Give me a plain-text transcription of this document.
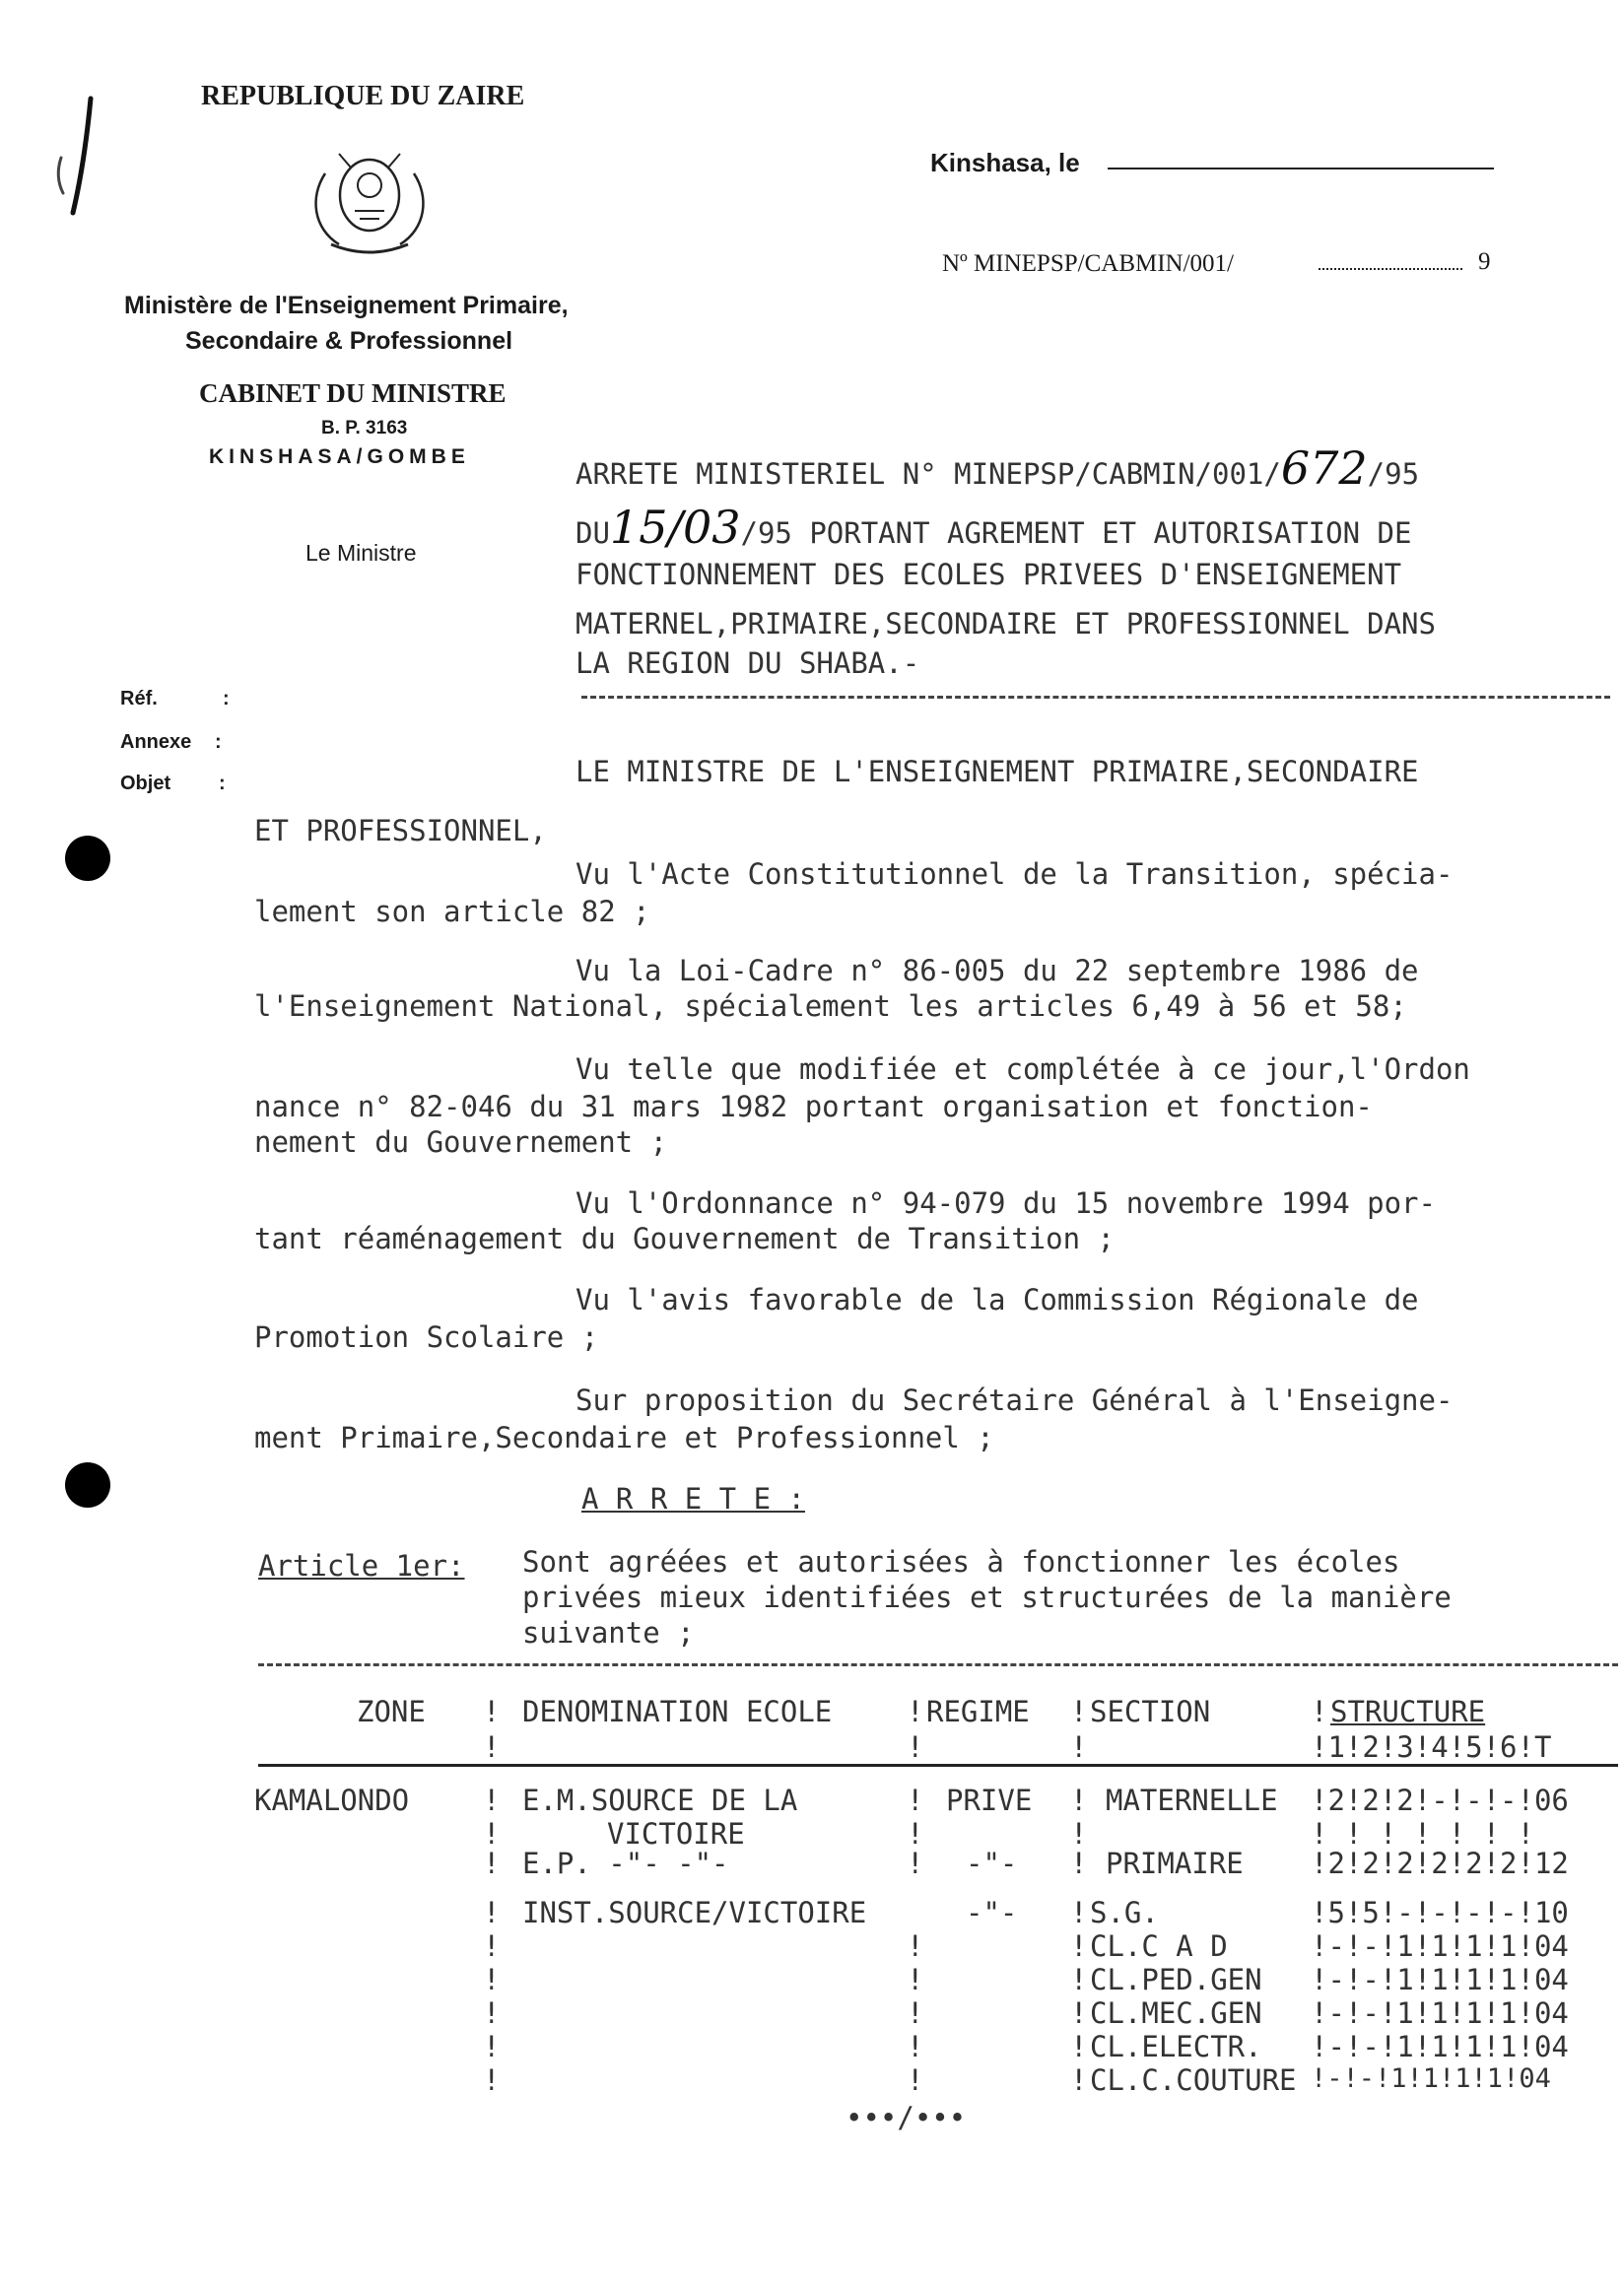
REPUBLIQUE DU ZAIRE
Ministère de l'Enseignement Primaire,
Secondaire & Professionnel
CABINET DU MINISTRE
B. P. 3163
KINSHASA/GOMBE
Le Ministre
Kinshasa, le
Nº MINEPSP/CABMIN/001/	9
Réf.	:
Annexe :
Objet :
ARRETE MINISTERIEL N° MINEPSP/CABMIN/001/672/95
DU15/03/95 PORTANT AGREMENT ET AUTORISATION DE
FONCTIONNEMENT DES ECOLES PRIVEES D'ENSEIGNEMENT
MATERNEL,PRIMAIRE,SECONDAIRE ET PROFESSIONNEL DANS
LA REGION DU SHABA.-
LE MINISTRE DE L'ENSEIGNEMENT PRIMAIRE,SECONDAIRE
ET PROFESSIONNEL,
Vu l'Acte Constitutionnel de la Transition, spécia-
lement son article 82 ;
Vu la Loi-Cadre n° 86-005 du 22 septembre 1986 de
l'Enseignement National, spécialement les articles 6,49 à 56 et 58;
Vu telle que modifiée et complétée à ce jour,l'Ordon
nance n° 82-046 du 31 mars 1982 portant organisation et fonction-
nement du Gouvernement ;
Vu l'Ordonnance n° 94-079 du 15 novembre 1994 por-
tant réaménagement du Gouvernement de Transition ;
Vu l'avis favorable de la Commission Régionale de
Promotion Scolaire ;
Sur proposition du Secrétaire Général à l'Enseigne-
ment Primaire,Secondaire et Professionnel ;
A R R E T E :
Article 1er: Sont agréées et autorisées à fonctionner les écoles
privées mieux identifiées et structurées de la manière
suivante ;
ZONE ! DENOMINATION ECOLE	! REGIME ! SECTION	! STRUCTURE
!	!	!	!1!2!3!4!5!6!T
KAMALONDO	! E.M.SOURCE DE LA	! PRIVE ! MATERNELLE !2!2!2!-!-!-!06
!	VICTOIRE	!	!	! ! ! ! ! ! !
! E.P. -"- -"-	! -"- ! PRIMAIRE !2!2!2!2!2!2!12
! INST.SOURCE/VICTOIRE	-"- ! S.G.	!5!5!-!-!-!-!10
!	!	! CL.C A D	!-!-!1!1!1!1!04
!	!	! CL.PED.GEN !-!-!1!1!1!1!04
!	!	! CL.MEC.GEN !-!-!1!1!1!1!04
!	!	! CL.ELECTR. !-!-!1!1!1!1!04
!	!	! CL.C.COUTURE !-!-!1!1!1!1!04
•••/•••
